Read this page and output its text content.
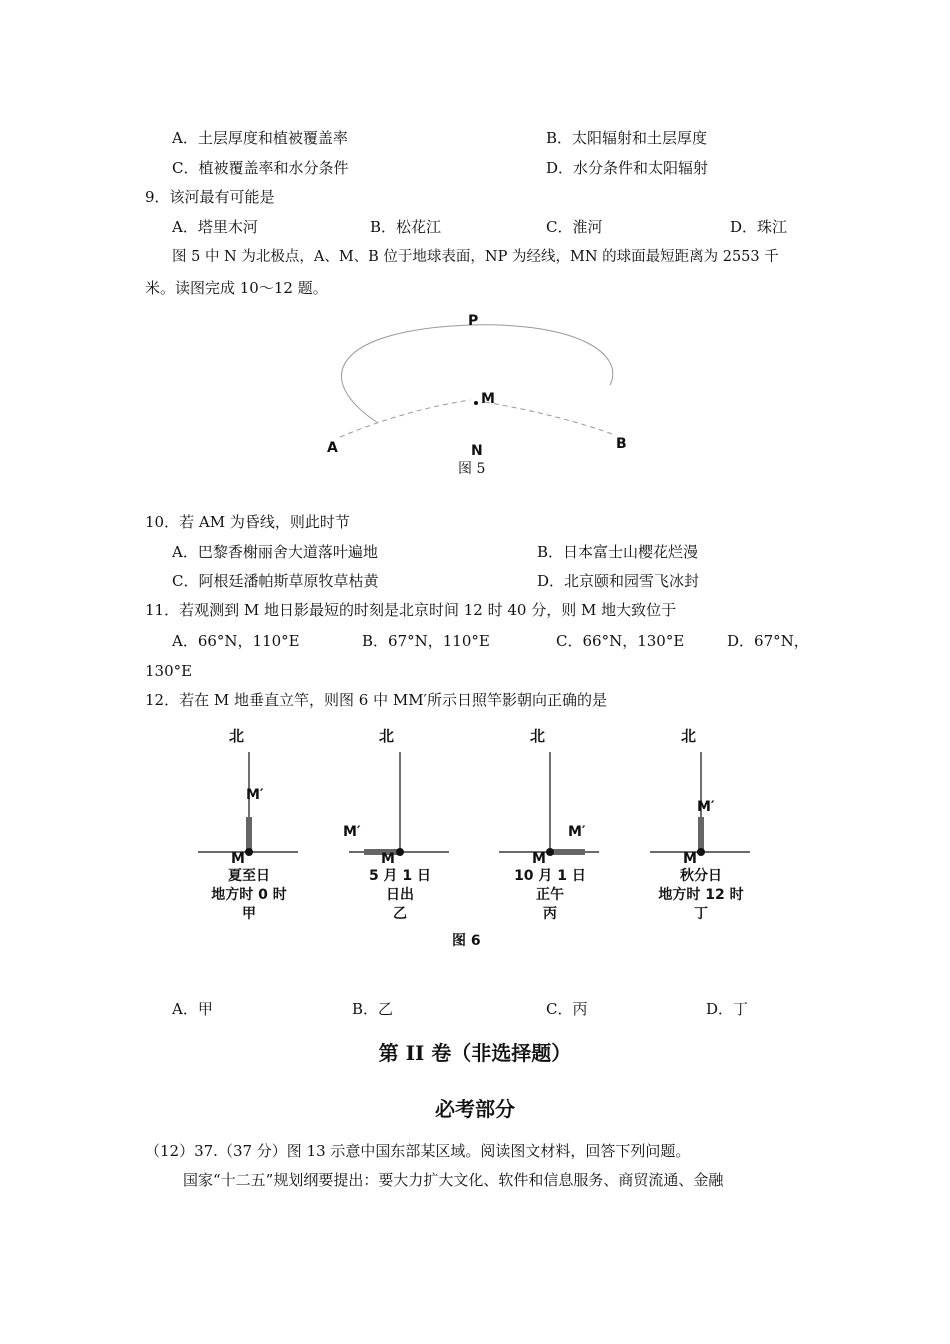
A．土层厚度和植被覆盖率	B．太阳辐射和土层厚度
C．植被覆盖率和水分条件	D．水分条件和太阳辐射
9．该河最有可能是
A．塔里木河	B．松花江	C．淮河	D．珠江
图 5 中 N 为北极点，A、M、B 位于地球表面，NP 为经线，MN 的球面最短距离为 2553 千
米。读图完成 10～12 题。
P
M
A	N	B
图 5
10．若 AM 为昏线，则此时节
A．巴黎香榭丽舍大道落叶遍地	B．日本富士山樱花烂漫
C．阿根廷潘帕斯草原牧草枯黄	D．北京颐和园雪飞冰封
11．若观测到 M 地日影最短的时刻是北京时间 12 时 40 分，则 M 地大致位于
A．66°N，110°E	B．67°N，110°E	C．66°N，130°E	D．67°N，
130°E
12．若在 M 地垂直立竿，则图 6 中 MM′所示日照竿影朝向正确的是
北	北	北	北
M′
M′	M′
M′
M	M	M	M
夏至日
地方时 0 时
甲
5 月 1 日
日出
乙
10 月 1 日
正午
丙
秋分日
地方时 12 时
丁
图 6
A．甲	B．乙	C．丙	D．丁
第 II 卷（非选择题）
必考部分
（12）37.（37 分）图 13 示意中国东部某区域。阅读图文材料，回答下列问题。
国家“十二五”规划纲要提出：要大力扩大文化、软件和信息服务、商贸流通、金融
